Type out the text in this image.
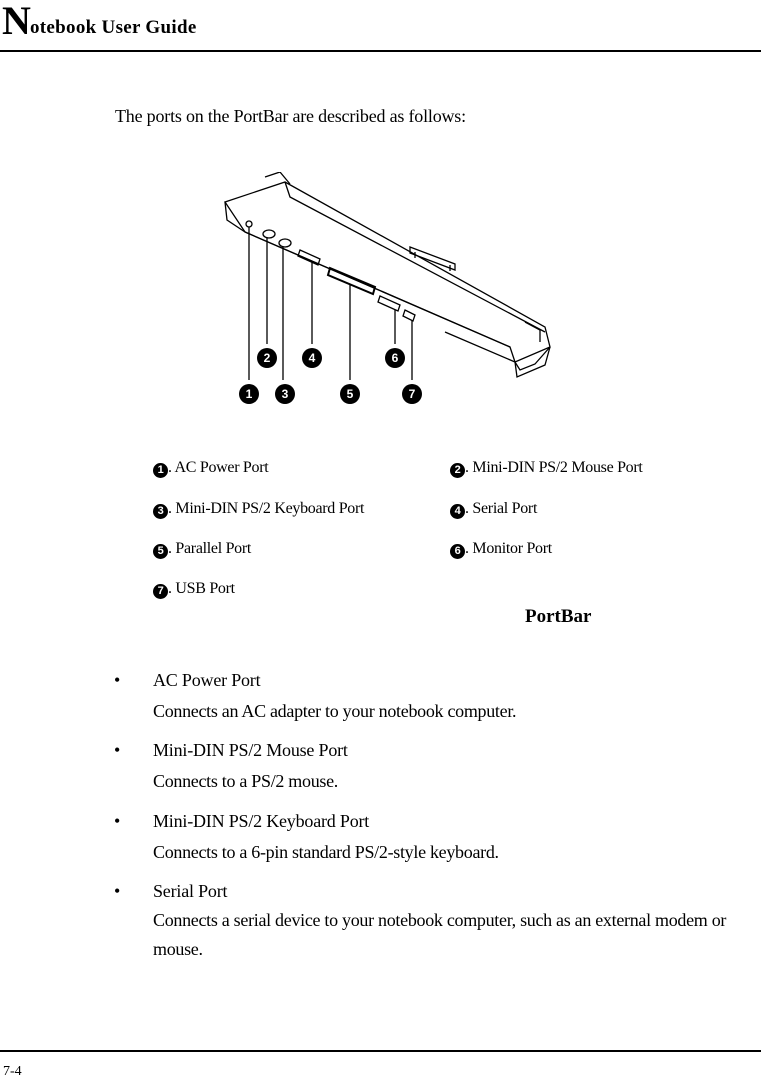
N otebook User Guide
The ports on the PortBar are described as follows:
2	4	6
1 3	5	7
1 . AC Power Port	2 . Mini-DIN PS/2 Mouse Port
3 . Mini-DIN PS/2 Keyboard Port	4 . Serial Port
5 . Parallel Port	6 . Monitor Port
7 . USB Port
PortBar
• AC Power Port
Connects an AC adapter to your notebook computer.
• Mini-DIN PS/2 Mouse Port
Connects to a PS/2 mouse.
• Mini-DIN PS/2 Keyboard Port
Connects to a 6-pin standard PS/2-style keyboard.
• Serial Port
Connects a serial device to your notebook computer, such as an external modem or mouse.
7-4
